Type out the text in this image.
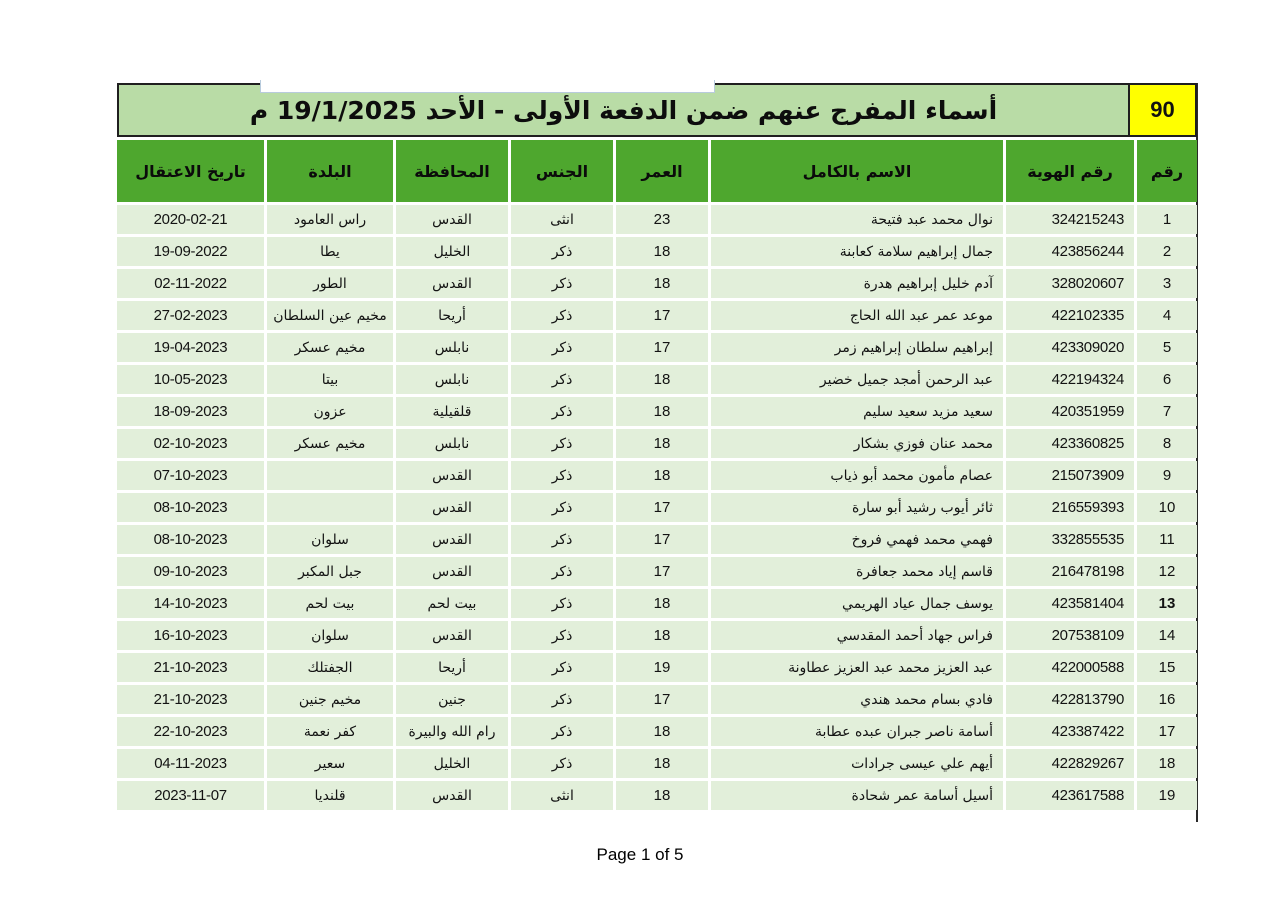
90
أسماء المفرج عنهم ضمن الدفعة الأولى - الأحد 19/1/2025 م
رقم	رقم الهوية	الاسم بالكامل	العمر	الجنس	المحافظة	البلدة	تاريخ الاعتقال
1	324215243	نوال محمد عبد فتيحة	23	انثى	القدس	راس العامود	2020-02-21
2	423856244	جمال إبراهيم سلامة كعابنة	18	ذكر	الخليل	يطا	19-09-2022
3	328020607	آدم خليل إبراهيم هدرة	18	ذكر	القدس	الطور	02-11-2022
4	422102335	موعد عمر عبد الله الحاج	17	ذكر	أريحا	مخيم عين السلطان	27-02-2023
5	423309020	إبراهيم سلطان إبراهيم زمر	17	ذكر	نابلس	مخيم عسكر	19-04-2023
6	422194324	عبد الرحمن أمجد جميل خضير	18	ذكر	نابلس	بيتا	10-05-2023
7	420351959	سعيد مزيد سعيد سليم	18	ذكر	قلقيلية	عزون	18-09-2023
8	423360825	محمد عنان فوزي بشكار	18	ذكر	نابلس	مخيم عسكر	02-10-2023
9	215073909	عصام مأمون محمد أبو ذياب	18	ذكر	القدس		07-10-2023
10	216559393	ثائر أيوب رشيد أبو سارة	17	ذكر	القدس		08-10-2023
11	332855535	فهمي محمد فهمي فروخ	17	ذكر	القدس	سلوان	08-10-2023
12	216478198	قاسم إياد محمد جعافرة	17	ذكر	القدس	جبل المكبر	09-10-2023
13	423581404	يوسف جمال عياد الهريمي	18	ذكر	بيت لحم	بيت لحم	14-10-2023
14	207538109	فراس جهاد أحمد المقدسي	18	ذكر	القدس	سلوان	16-10-2023
15	422000588	عبد العزيز محمد عبد العزيز عطاونة	19	ذكر	أريحا	الجفتلك	21-10-2023
16	422813790	فادي بسام محمد هندي	17	ذكر	جنين	مخيم جنين	21-10-2023
17	423387422	أسامة ناصر جبران عبده عطابة	18	ذكر	رام الله والبيرة	كفر نعمة	22-10-2023
18	422829267	أيهم علي عيسى جرادات	18	ذكر	الخليل	سعير	04-11-2023
19	423617588	أسيل أسامة عمر شحادة	18	انثى	القدس	قلنديا	2023-11-07
Page 1 of 5
